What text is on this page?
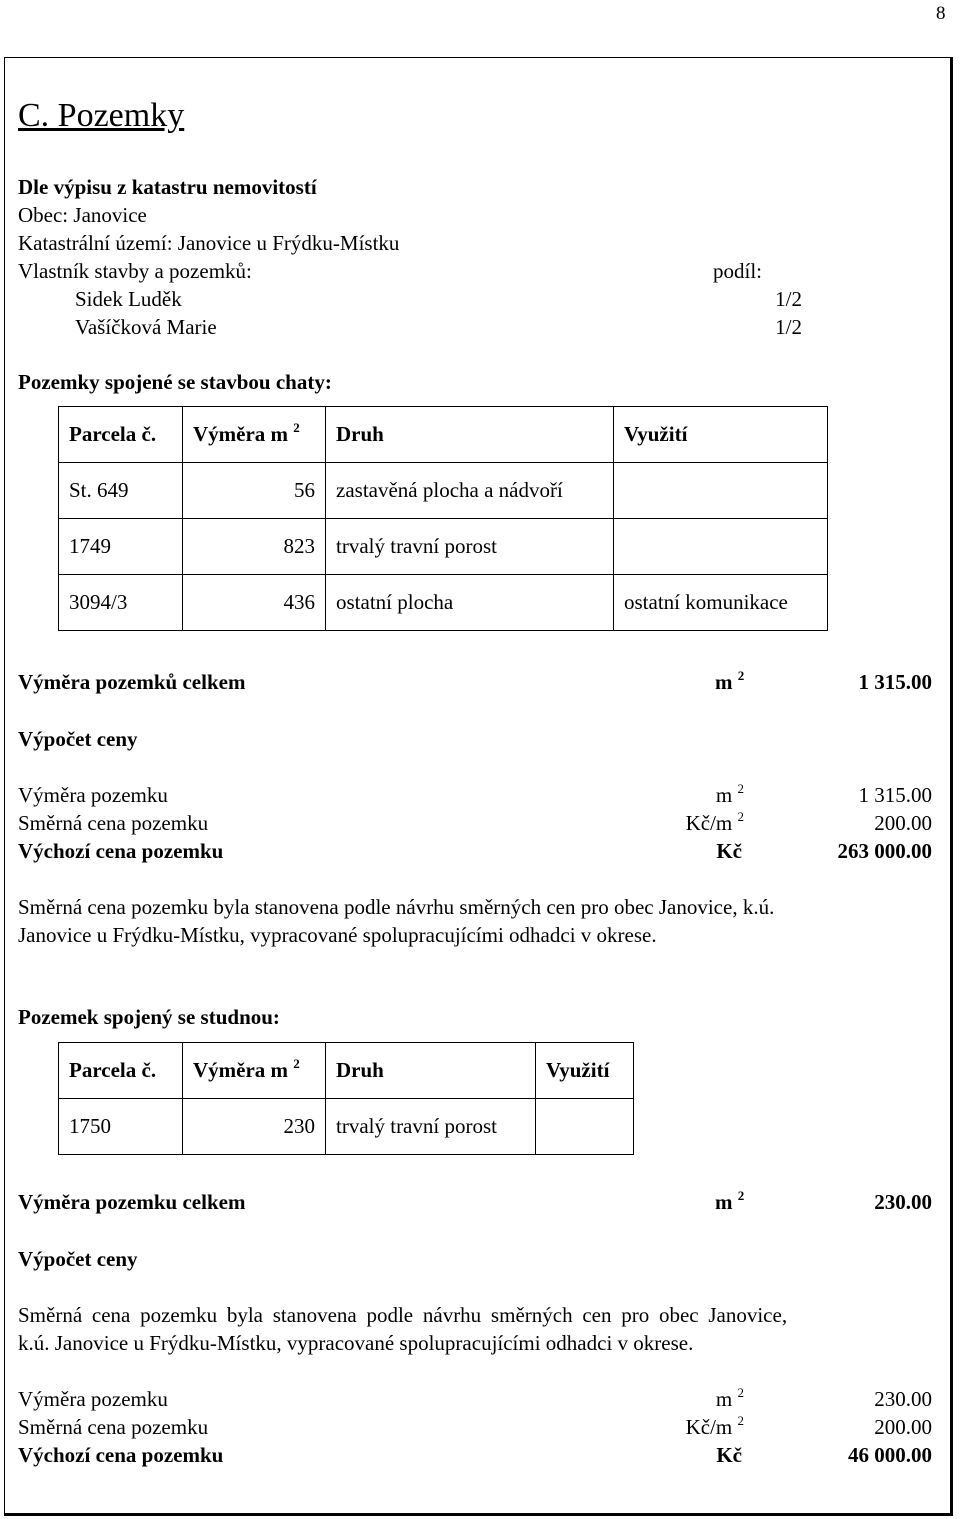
8
C. Pozemky
Dle výpisu z katastru nemovitostí
Obec: Janovice
Katastrální území: Janovice u Frýdku-Místku
Vlastník stavby a pozemků:	podíl:
Sidek Luděk	1/2
Vašíčková Marie	1/2
Pozemky spojené se stavbou chaty:
Parcela č.	Výměra m $^2$	Druh	Využití
St. 649	56	zastavěná plocha a nádvoří	
1749	823	trvalý travní porost	
3094/3	436	ostatní plocha	ostatní komunikace
Výměra pozemků celkem	m $^2$	1 315.00
Výpočet ceny
Výměra pozemku	m $^2$	1 315.00
Směrná cena pozemku	Kč/m $^2$	200.00
Výchozí cena pozemku	Kč	263 000.00
Směrná cena pozemku byla stanovena podle návrhu směrných cen pro obec Janovice, k.ú.
Janovice u Frýdku-Místku, vypracované spolupracujícími odhadci v okrese.
Pozemek spojený se studnou:
Parcela č.	Výměra m $^2$	Druh	Využití
1750	230	trvalý travní porost	
Výměra pozemku celkem	m $^2$	230.00
Výpočet ceny
Směrná cena pozemku byla stanovena podle návrhu směrných cen pro obec Janovice,
k.ú. Janovice u Frýdku-Místku, vypracované spolupracujícími odhadci v okrese.
Výměra pozemku	m $^2$	230.00
Směrná cena pozemku	Kč/m $^2$	200.00
Výchozí cena pozemku	Kč	46 000.00
